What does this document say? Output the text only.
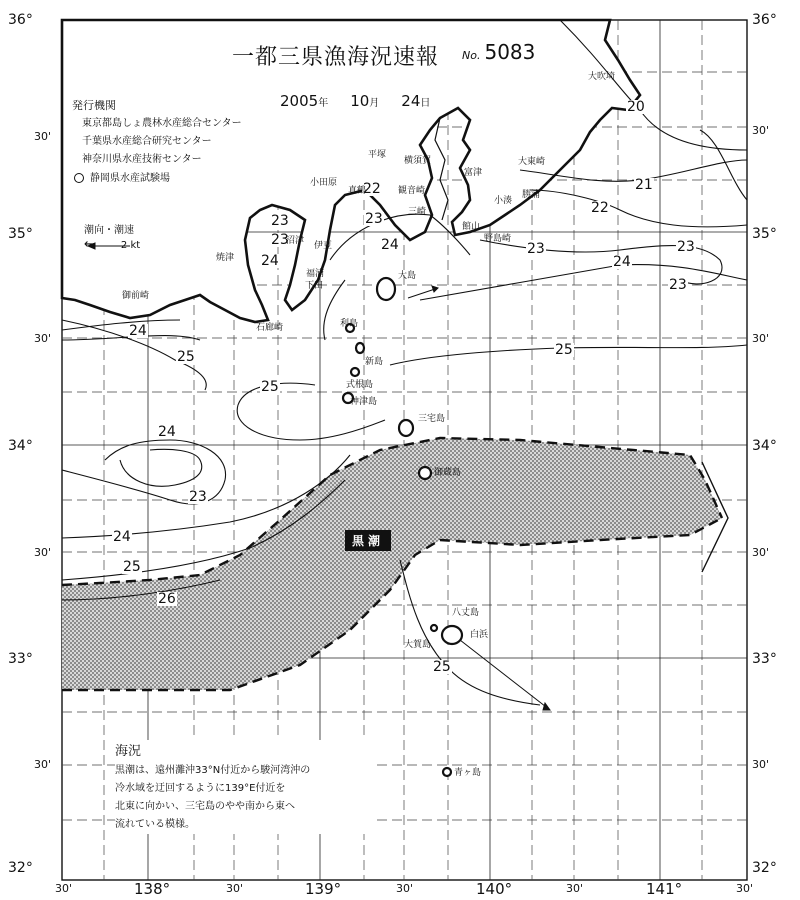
36°
30'
35°
30'
34°
30'
33°
30'
32°
36°
30'
35°
30'
34°
30'
33°
30'
32°
30'	138°	30'	139°	30'	140°	30'	141°	30'
一都三県漁海況速報 No. 5083
2005年 10月 24日
発行機関
東京都島しょ農林水産総合センター
千葉県水産総合研究センター
神奈川県水産技術センター
静岡県水産試験場
潮向・潮速
←	2 kt
20
21
22
23
23
23
24
23
22
23
24
23	24
24
25	25
24
23
24
25
25
26
25
黒潮
大吹埼
平塚
横須賀
富津
小田原
真鶴	観音崎
三崎
館山
小湊
勝浦
大東崎
伊豆
沼津
焼津
御前崎
福浦
下田
石廊崎
大島
利島
新島
式根島
神津島
三宅島
御蔵島
八丈島
大賀島
青ヶ島
野島崎
白浜
海況
黒潮は、遠州灘沖33°N付近から駿河湾沖の
冷水域を迂回するように139°E付近を
北東に向かい、三宅島のやや南から東へ
流れている模様。
